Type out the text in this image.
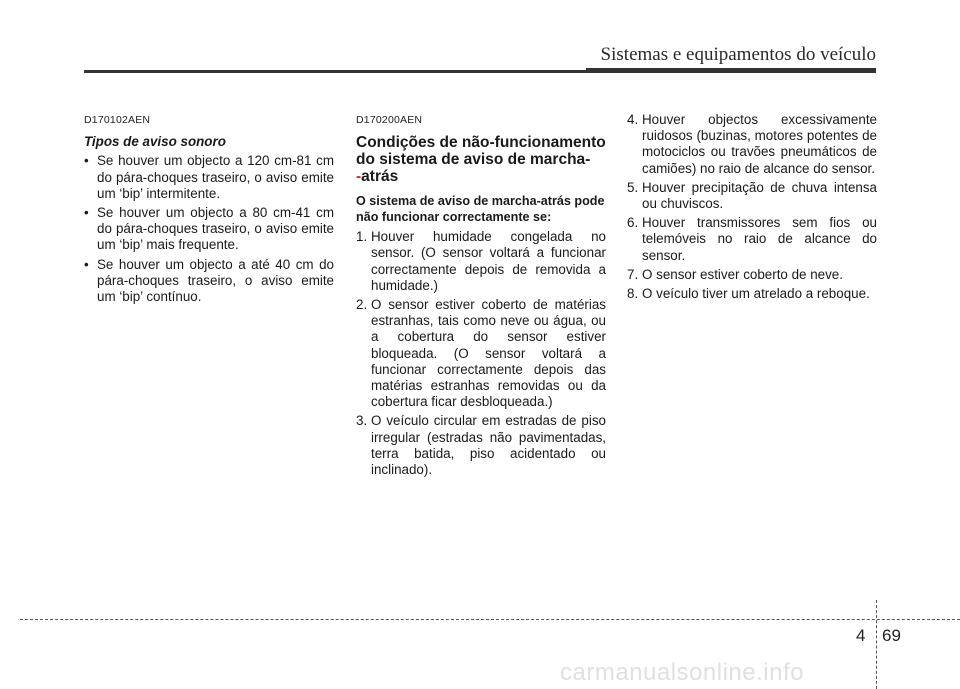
Sistemas e equipamentos do veículo
D170102AEN
Tipos de aviso sonoro
• Se houver um objecto a 120 cm-81 cm do pára-choques traseiro, o aviso emite um ‘bip’ intermitente.
• Se houver um objecto a 80 cm-41 cm do pára-choques traseiro, o aviso emite um ‘bip’ mais frequente.
• Se houver um objecto a até 40 cm do pára-choques traseiro, o aviso emite um ‘bip’ contínuo.
D170200AEN
Condições de não-funcionamento do sistema de aviso de marcha-
-atrás
O sistema de aviso de marcha-atrás pode não funcionar correctamente se:
1. Houver humidade congelada no sensor. (O sensor voltará a funcionar correctamente depois de removida a humidade.)
2. O sensor estiver coberto de matérias estranhas, tais como neve ou água, ou a cobertura do sensor estiver bloqueada. (O sensor voltará a funcionar correctamente depois das matérias estranhas removidas ou da cobertura ficar desbloqueada.)
3. O veículo circular em estradas de piso irregular (estradas não pavimentadas, terra batida, piso acidentado ou inclinado).
4. Houver objectos excessivamente ruidosos (buzinas, motores potentes de motociclos ou travões pneumáticos de camiões) no raio de alcance do sensor.
5. Houver precipitação de chuva intensa ou chuviscos.
6. Houver transmissores sem fios ou telemóveis no raio de alcance do sensor.
7. O sensor estiver coberto de neve.
8. O veículo tiver um atrelado a reboque.
4 69
carmanualsonline.info
